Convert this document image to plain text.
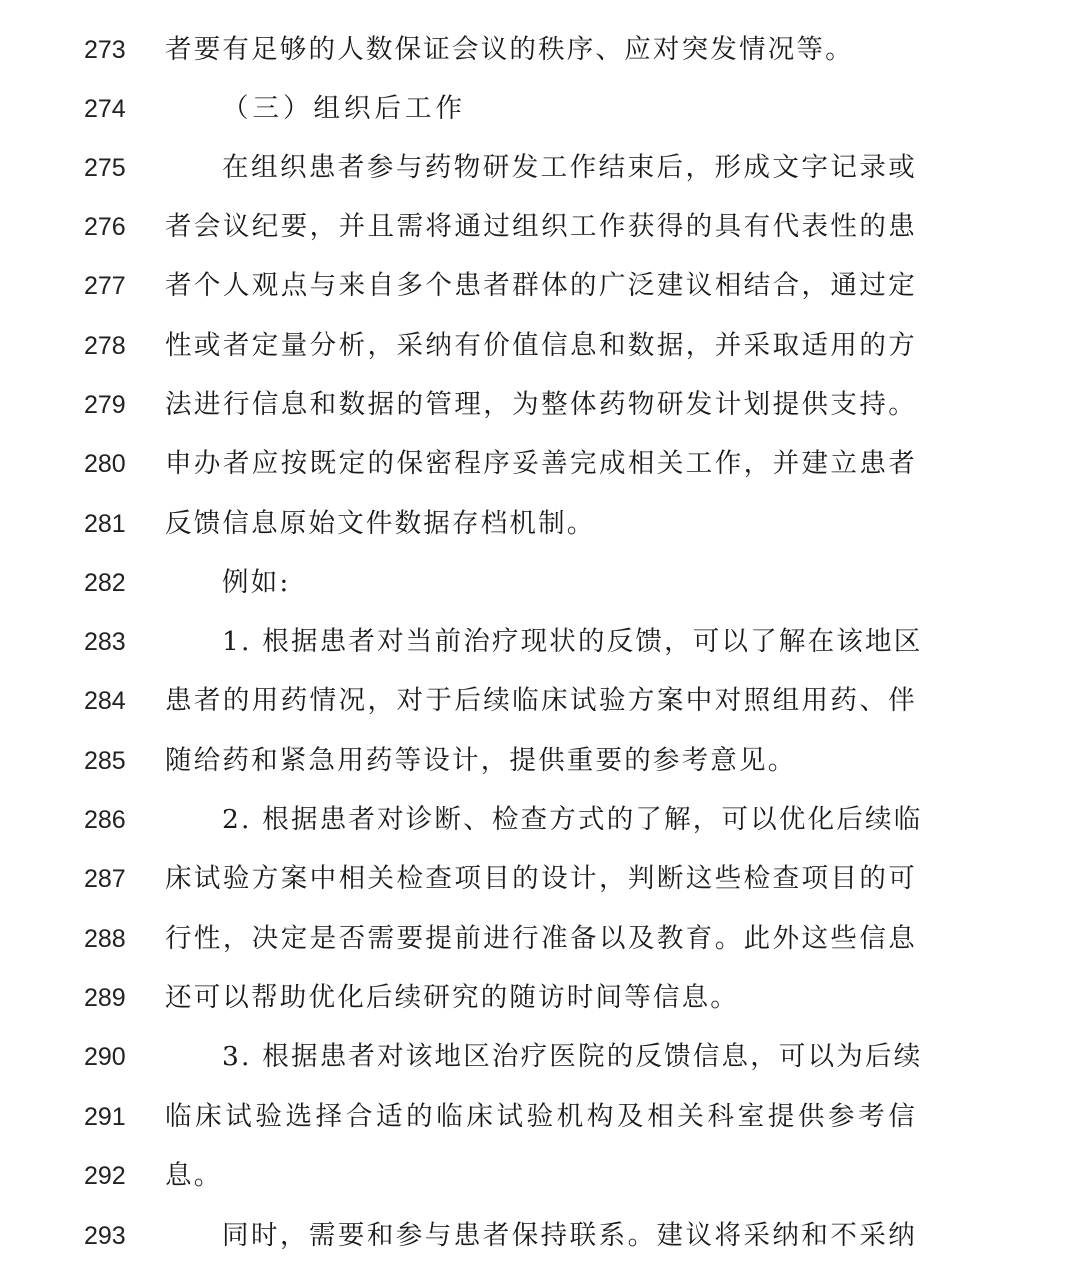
273	者要有足够的人数保证会议的秩序、应对突发情况等。
274	（三）组织后工作
275	在组织患者参与药物研发工作结束后，形成文字记录或
276	者会议纪要，并且需将通过组织工作获得的具有代表性的患
277	者个人观点与来自多个患者群体的广泛建议相结合，通过定
278	性或者定量分析，采纳有价值信息和数据，并采取适用的方
279	法进行信息和数据的管理，为整体药物研发计划提供支持。
280	申办者应按既定的保密程序妥善完成相关工作，并建立患者
281	反馈信息原始文件数据存档机制。
282	例如:
283	1. 根据患者对当前治疗现状的反馈，可以了解在该地区
284	患者的用药情况，对于后续临床试验方案中对照组用药、伴
285	随给药和紧急用药等设计，提供重要的参考意见。
286	2. 根据患者对诊断、检查方式的了解，可以优化后续临
287	床试验方案中相关检查项目的设计，判断这些检查项目的可
288	行性，决定是否需要提前进行准备以及教育。此外这些信息
289	还可以帮助优化后续研究的随访时间等信息。
290	3. 根据患者对该地区治疗医院的反馈信息，可以为后续
291	临床试验选择合适的临床试验机构及相关科室提供参考信
292	息。
293	同时，需要和参与患者保持联系。建议将采纳和不采纳
